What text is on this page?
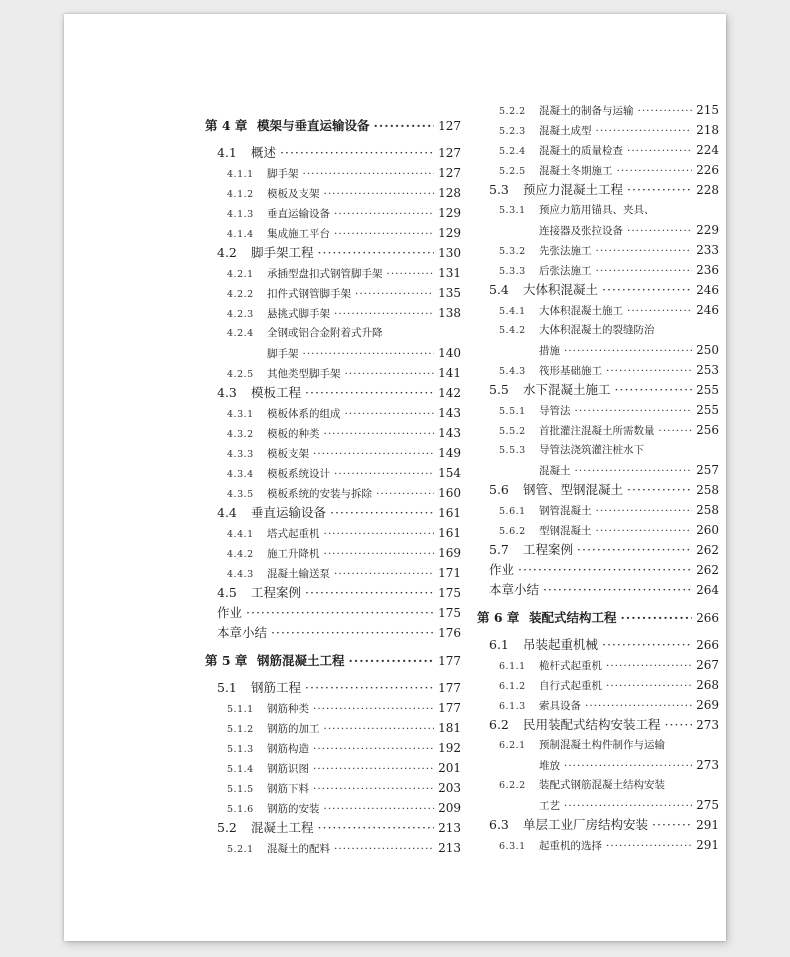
第 4 章 模架与垂直运输设备 ·····	127
4.1	概述 ·····	127
4.1.1	脚手架 ·····	127
4.1.2	模板及支架 ·····	128
4.1.3	垂直运输设备 ·····	129
4.1.4	集成施工平台 ·····	129
4.2	脚手架工程 ·····	130
4.2.1	承插型盘扣式钢管脚手架 ·····	131
4.2.2	扣件式钢管脚手架 ·····	135
4.2.3	悬挑式脚手架 ·····	138
4.2.4	全钢或铝合金附着式升降
脚手架 ·····	140
4.2.5	其他类型脚手架 ·····	141
4.3	模板工程 ·····	142
4.3.1	模板体系的组成 ·····	143
4.3.2	模板的种类 ·····	143
4.3.3	模板支架 ·····	149
4.3.4	模板系统设计 ·····	154
4.3.5	模板系统的安装与拆除 ·····	160
4.4	垂直运输设备 ·····	161
4.4.1	塔式起重机 ·····	161
4.4.2	施工升降机 ·····	169
4.4.3	混凝土输送泵 ·····	171
4.5	工程案例 ·····	175
作业 ·····	175
本章小结 ·····	176
第 5 章 钢筋混凝土工程 ·····	177
5.1	钢筋工程 ·····	177
5.1.1	钢筋种类 ·····	177
5.1.2	钢筋的加工 ·····	181
5.1.3	钢筋构造 ·····	192
5.1.4	钢筋识图 ·····	201
5.1.5	钢筋下料 ·····	203
5.1.6	钢筋的安装 ·····	209
5.2	混凝土工程 ·····	213
5.2.1	混凝土的配料 ·····	213
5.2.2	混凝土的制备与运输 ·····	215
5.2.3	混凝土成型 ·····	218
5.2.4	混凝土的质量检查 ·····	224
5.2.5	混凝土冬期施工 ·····	226
5.3	预应力混凝土工程 ·····	228
5.3.1	预应力筋用锚具、夹具、
连接器及张拉设备 ·····	229
5.3.2	先张法施工 ·····	233
5.3.3	后张法施工 ·····	236
5.4	大体积混凝土 ·····	246
5.4.1	大体积混凝土施工 ·····	246
5.4.2	大体积混凝土的裂缝防治
措施 ·····	250
5.4.3	筏形基础施工 ·····	253
5.5	水下混凝土施工 ·····	255
5.5.1	导管法 ·····	255
5.5.2	首批灌注混凝土所需数量 ·····	256
5.5.3	导管法浇筑灌注桩水下
混凝土 ·····	257
5.6	钢管、型钢混凝土 ·····	258
5.6.1	钢管混凝土 ·····	258
5.6.2	型钢混凝土 ·····	260
5.7	工程案例 ·····	262
作业 ·····	262
本章小结 ·····	264
第 6 章 装配式结构工程 ·····	266
6.1	吊装起重机械 ·····	266
6.1.1	桅杆式起重机 ·····	267
6.1.2	自行式起重机 ·····	268
6.1.3	索具设备 ·····	269
6.2	民用装配式结构安装工程 ·····	273
6.2.1	预制混凝土构件制作与运输
堆放 ·····	273
6.2.2	装配式钢筋混凝土结构安装
工艺 ·····	275
6.3	单层工业厂房结构安装 ·····	291
6.3.1	起重机的选择 ·····	291
